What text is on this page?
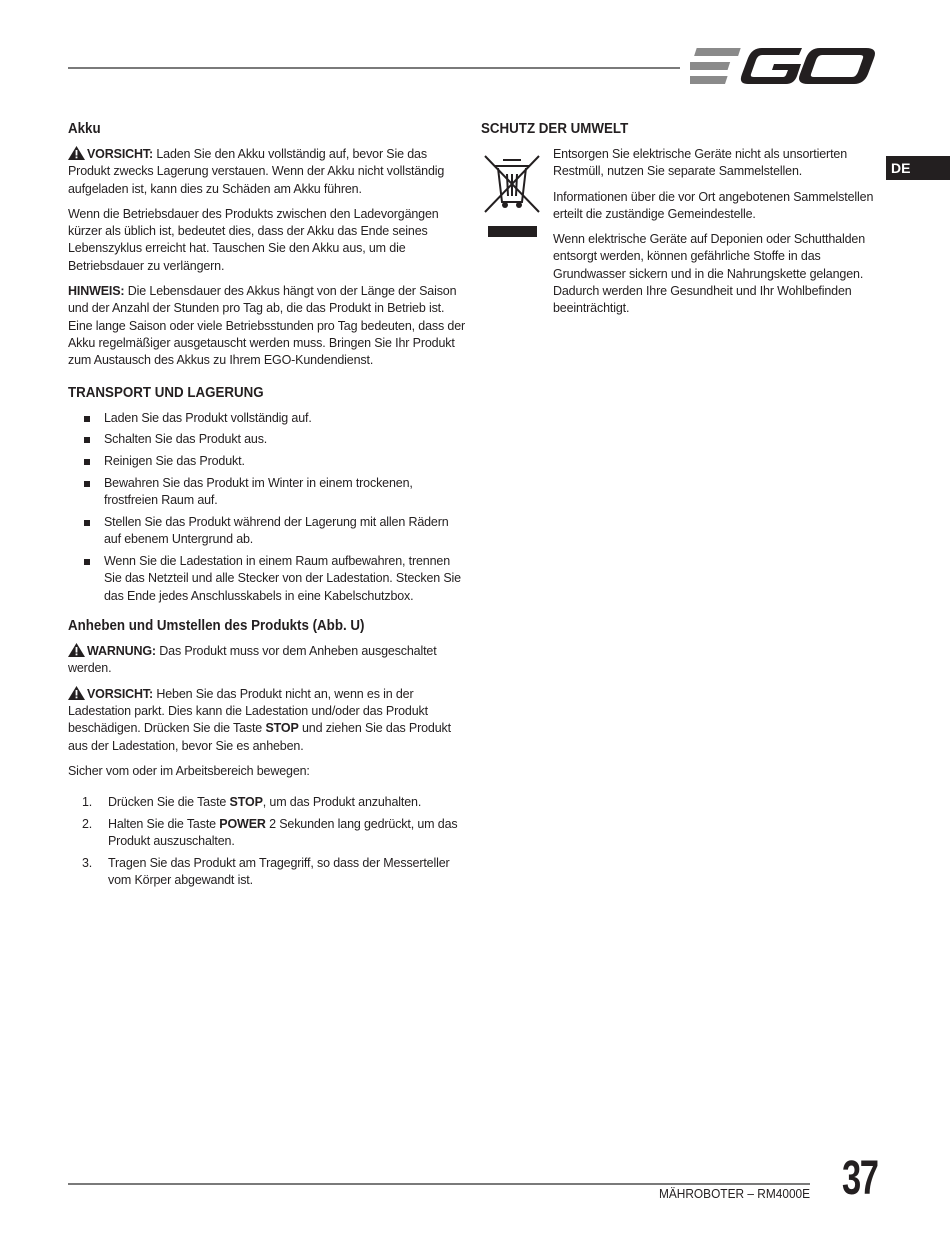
DE
Akku

VORSICHT: Laden Sie den Akku vollständig auf, bevor Sie das Produkt zwecks Lagerung verstauen. Wenn der Akku nicht vollständig aufgeladen ist, kann dies zu Schäden am Akku führen.

Wenn die Betriebsdauer des Produkts zwischen den Ladevorgängen kürzer als üblich ist, bedeutet dies, dass der Akku das Ende seines Lebenszyklus erreicht hat. Tauschen Sie den Akku aus, um die Betriebsdauer zu verlängern.

HINWEIS: Die Lebensdauer des Akkus hängt von der Länge der Saison und der Anzahl der Stunden pro Tag ab, die das Produkt in Betrieb ist. Eine lange Saison oder viele Betriebsstunden pro Tag bedeuten, dass der Akku regelmäßiger ausgetauscht werden muss. Bringen Sie Ihr Produkt zum Austausch des Akkus zu Ihrem EGO-Kundendienst.

TRANSPORT UND LAGERUNG
Laden Sie das Produkt vollständig auf.
Schalten Sie das Produkt aus.
Reinigen Sie das Produkt.
Bewahren Sie das Produkt im Winter in einem trockenen, frostfreien Raum auf.
Stellen Sie das Produkt während der Lagerung mit allen Rädern auf ebenem Untergrund ab.
Wenn Sie die Ladestation in einem Raum aufbewahren, trennen Sie das Netzteil und alle Stecker von der Ladestation. Stecken Sie das Ende jedes Anschlusskabels in eine Kabelschutzbox.
Anheben und Umstellen des Produkts (Abb. U)

WARNUNG: Das Produkt muss vor dem Anheben ausgeschaltet werden.

VORSICHT: Heben Sie das Produkt nicht an, wenn es in der Ladestation parkt. Dies kann die Ladestation und/oder das Produkt beschädigen. Drücken Sie die Taste STOP und ziehen Sie das Produkt aus der Ladestation, bevor Sie es anheben.

Sicher vom oder im Arbeitsbereich bewegen:

1. Drücken Sie die Taste STOP, um das Produkt anzuhalten.
2. Halten Sie die Taste POWER 2 Sekunden lang gedrückt, um das Produkt auszuschalten.
3. Tragen Sie das Produkt am Tragegriff, so dass der Messerteller vom Körper abgewandt ist.
SCHUTZ DER UMWELT

Entsorgen Sie elektrische Geräte nicht als unsortierten Restmüll, nutzen Sie separate Sammelstellen.

Informationen über die vor Ort angebotenen Sammelstellen erteilt die zuständige Gemeindestelle.

Wenn elektrische Geräte auf Deponien oder Schutthalden entsorgt werden, können gefährliche Stoffe in das Grundwasser sickern und in die Nahrungskette gelangen. Dadurch werden Ihre Gesundheit und Ihr Wohlbefinden beeinträchtigt.

MÄHROBOTER – RM4000E 37
